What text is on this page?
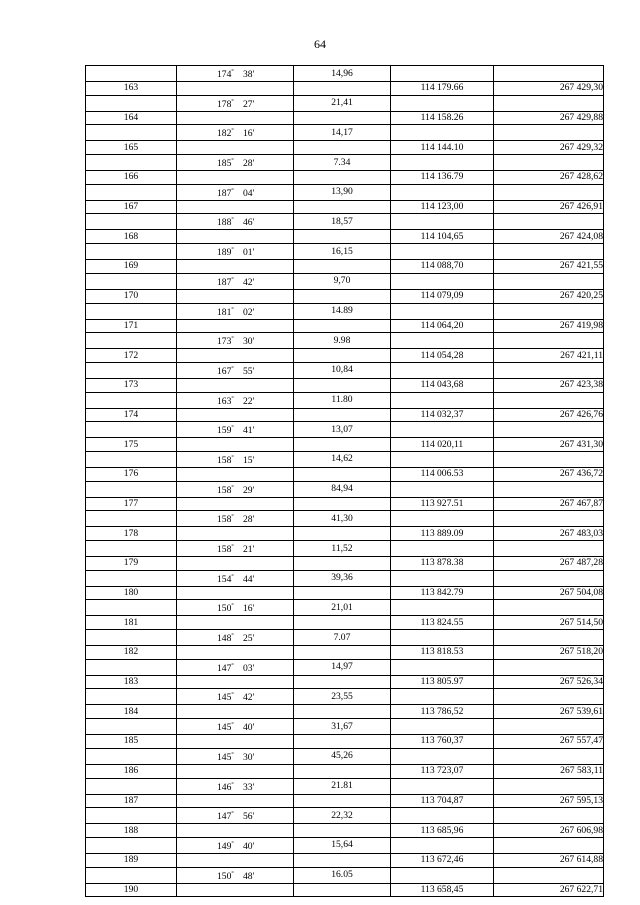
64
	174° 38'	14,96		
163			114 179.66	267 429,30
	178° 27'	21,41		
164			114 158.26	267 429,88
	182° 16'	14,17		
165			114 144.10	267 429,32
	185° 28'	7.34		
166			114 136.79	267 428,62
	187° 04'	13,90		
167			114 123,00	267 426,91
	188° 46'	18,57		
168			114 104,65	267 424,08
	189° 01'	16,15		
169			114 088,70	267 421,55
	187° 42'	9,70		
170			114 079,09	267 420,25
	181° 02'	14.89		
171			114 064,20	267 419,98
	173° 30'	9.98		
172			114 054,28	267 421,11
	167° 55'	10,84		
173			114 043,68	267 423,38
	163° 22'	11.80		
174			114 032,37	267 426,76
	159° 41'	13,07		
175			114 020,11	267 431,30
	158° 15'	14,62		
176			114 006.53	267 436,72
	158° 29'	84,94		
177			113 927.51	267 467,87
	158° 28'	41,30		
178			113 889.09	267 483,03
	158° 21'	11,52		
179			113 878.38	267 487,28
	154° 44'	39,36		
180			113 842.79	267 504,08
	150° 16'	21,01		
181			113 824.55	267 514,50
	148° 25'	7.07		
182			113 818.53	267 518,20
	147° 03'	14,97		
183			113 805.97	267 526,34
	145° 42'	23,55		
184			113 786,52	267 539,61
	145° 40'	31,67		
185			113 760,37	267 557,47
	145° 30'	45,26		
186			113 723,07	267 583,11
	146° 33'	21.81		
187			113 704,87	267 595,13
	147° 56'	22,32		
188			113 685,96	267 606,98
	149° 40'	15,64		
189			113 672,46	267 614,88
	150° 48'	16.05		
190			113 658,45	267 622,71
